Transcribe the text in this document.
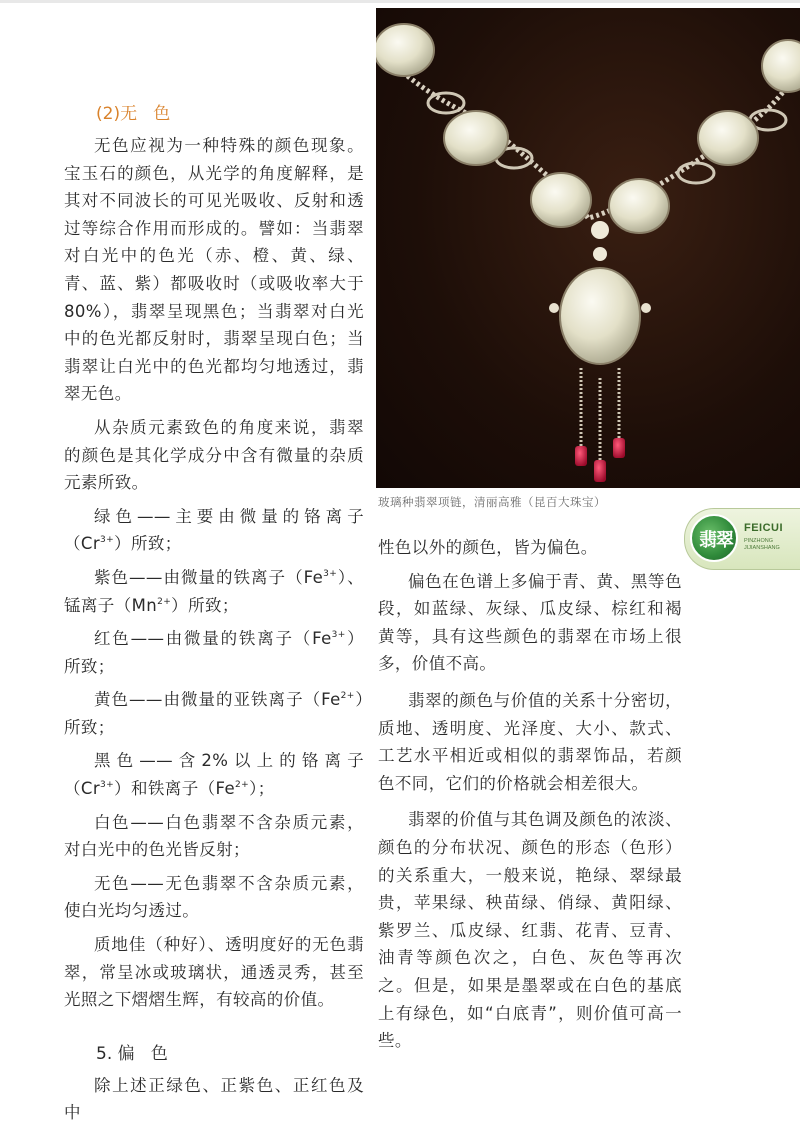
(2)无   色

无色应视为一种特殊的颜色现象。宝玉石的颜色，从光学的角度解释，是其对不同波长的可见光吸收、反射和透过等综合作用而形成的。譬如：当翡翠对白光中的色光（赤、橙、黄、绿、青、蓝、紫）都吸收时（或吸收率大于80%），翡翠呈现黑色；当翡翠对白光中的色光都反射时，翡翠呈现白色；当翡翠让白光中的色光都均匀地透过，翡翠无色。

从杂质元素致色的角度来说，翡翠的颜色是其化学成分中含有微量的杂质元素所致。

绿色——主要由微量的铬离子$(Cr^{3+})$所致；

紫色——由微量的铁离子$(Fe^{3+})$、锰离子$(Mn^{2+})$所致；

红色——由微量的铁离子$(Fe^{3+})$所致；

黄色——由微量的亚铁离子$(Fe^{2+})$所致；

黑色——含2%以上的铬离子$(Cr^{3+})$和铁离子$(Fe^{2+})$；

白色——白色翡翠不含杂质元素，对白光中的色光皆反射；

无色——无色翡翠不含杂质元素，使白光均匀透过。

质地佳（种好）、透明度好的无色翡翠，常呈冰或玻璃状，通透灵秀，甚至光照之下熠熠生辉，有较高的价值。

5. 偏   色

除上述正绿色、正紫色、正红色及中

玻璃种翡翠项链，清丽高雅（昆百大珠宝）
翡翠
FEICUI
PINZHONG JIJIANSHANG

性色以外的颜色，皆为偏色。

偏色在色谱上多偏于青、黄、黑等色段，如蓝绿、灰绿、瓜皮绿、棕红和褐黄等，具有这些颜色的翡翠在市场上很多，价值不高。

翡翠的颜色与价值的关系十分密切，质地、透明度、光泽度、大小、款式、工艺水平相近或相似的翡翠饰品，若颜色不同，它们的价格就会相差很大。

翡翠的价值与其色调及颜色的浓淡、颜色的分布状况、颜色的形态（色形）的关系重大，一般来说，艳绿、翠绿最贵，苹果绿、秧苗绿、俏绿、黄阳绿、紫罗兰、瓜皮绿、红翡、花青、豆青、油青等颜色次之，白色、灰色等再次之。但是，如果是墨翠或在白色的基底上有绿色，如“白底青”，则价值可高一些。
